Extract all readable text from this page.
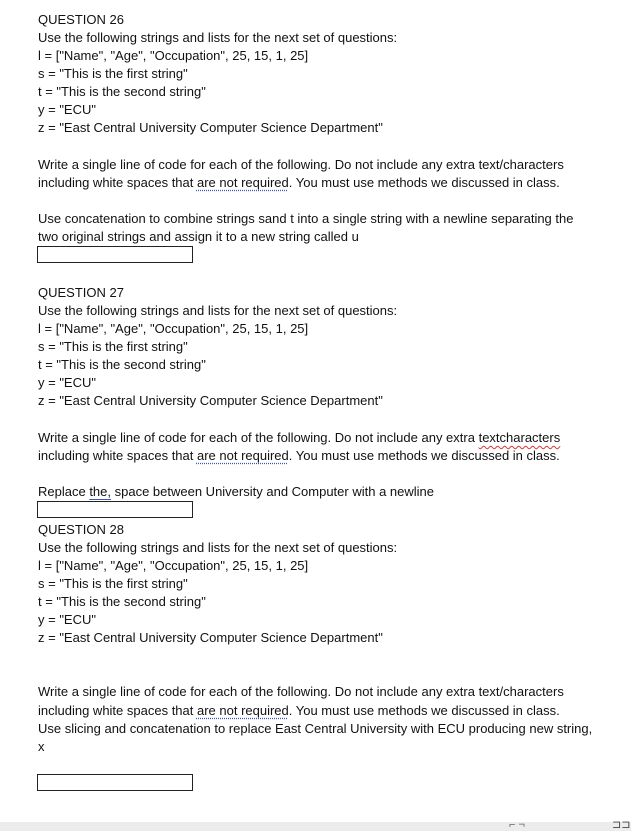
QUESTION 26
Use the following strings and lists for the next set of questions:
l = ["Name", "Age", "Occupation", 25, 15, 1, 25]
s = "This is the first string"
t = "This is the second string"
y = "ECU"
z = "East Central University Computer Science Department"
Write a single line of code for each of the following. Do not include any extra text/characters
including white spaces that are not required. You must use methods we discussed in class.
Use concatenation to combine strings sand t into a single string with a newline separating the
two original strings and assign it to a new string called u
QUESTION 27
Use the following strings and lists for the next set of questions:
l = ["Name", "Age", "Occupation", 25, 15, 1, 25]
s = "This is the first string"
t = "This is the second string"
y = "ECU"
z = "East Central University Computer Science Department"
Write a single line of code for each of the following. Do not include any extra textcharacters
including white spaces that are not required. You must use methods we discussed in class.
Replace the, space between University and Computer with a newline
QUESTION 28
Use the following strings and lists for the next set of questions:
l = ["Name", "Age", "Occupation", 25, 15, 1, 25]
s = "This is the first string"
t = "This is the second string"
y = "ECU"
z = "East Central University Computer Science Department"
Write a single line of code for each of the following. Do not include any extra text/characters
including white spaces that are not required. You must use methods we discussed in class.
Use slicing and concatenation to replace East Central University with ECU producing new string,
x
⌐ ¬	⊐⊐
